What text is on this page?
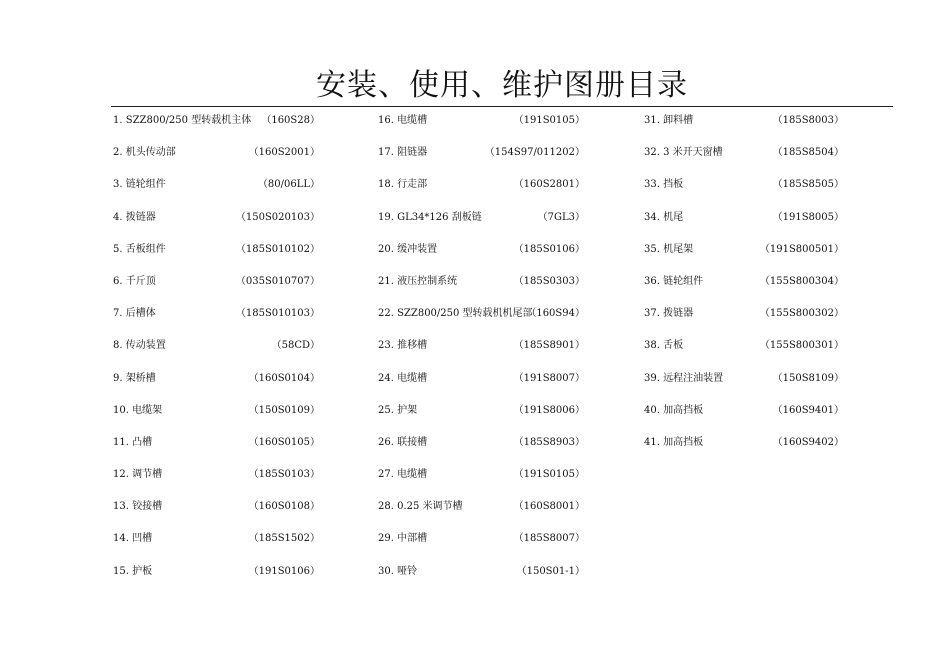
安装、使用、维护图册目录
1. SZZ800/250 型转载机主体 （160S28）
2. 机头传动部	（160S2001）
3. 链轮组件	（80/06LL）
4. 拨链器	（150S020103）
5. 舌板组件	（185S010102）
6. 千斤顶	（035S010707）
7. 后槽体	（185S010103）
8. 传动装置	（58CD）
9. 架桥槽	（160S0104）
10. 电缆架	（150S0109）
11. 凸槽	（160S0105）
12. 调节槽	（185S0103）
13. 铰接槽	（160S0108）
14. 凹槽	（185S1502）
15. 护板	（191S0106）
16. 电缆槽	（191S0105）
17. 阻链器	（154S97/011202）
18. 行走部	（160S2801）
19. GL34*126 刮板链	（7GL3）
20. 缓冲装置	（185S0106）
21. 液压控制系统	（185S0303）
22. SZZ800/250 型转载机机尾部
（160S94）
23. 推移槽	（185S8901）
24. 电缆槽	（191S8007）
25. 护架	（191S8006）
26. 联接槽	（185S8903）
27. 电缆槽	（191S0105）
28. 0.25 米调节槽	（160S8001）
29. 中部槽	（185S8007）
30. 哑铃	（150S01-1）
31. 卸料槽	（185S8003）
32. 3 米开天窗槽	（185S8504）
33. 挡板	（185S8505）
34. 机尾	（191S8005）
35. 机尾架	（191S800501）
36. 链轮组件	（155S800304）
37. 拨链器	（155S800302）
38. 舌板	（155S800301）
39. 远程注油装置	（150S8109）
40. 加高挡板	（160S9401）
41. 加高挡板	（160S9402）
